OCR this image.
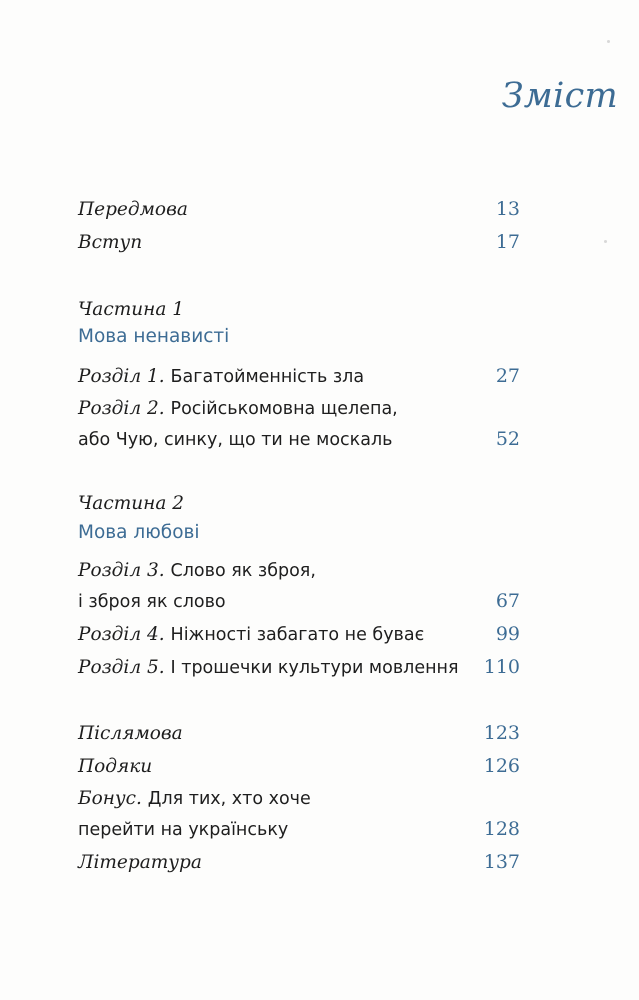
Зміст
Передмова	13
Вступ	17
Частина 1
Мова ненависті
Розділ 1. Багатойменність зла	27
Розділ 2. Російськомовна щелепа,
або Чую, синку, що ти не москаль	52
Частина 2
Мова любові
Розділ 3. Слово як зброя,
і зброя як слово	67
Розділ 4. Ніжності забагато не буває	99
Розділ 5. І трошечки культури мовлення 110
Післямова	123
Подяки	126
Бонус. Для тих, хто хоче
перейти на українську	128
Література	137
